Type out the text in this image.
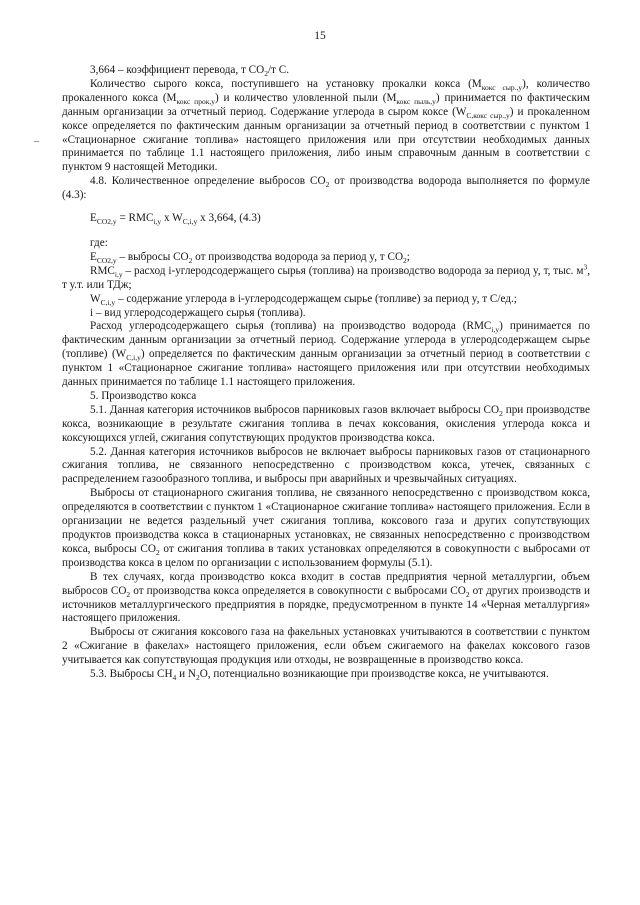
15
_

3,664 – коэффициент перевода, т $CO_2/т$ C.

Количество сырого кокса, поступившего на установку прокалки кокса $(M_{кокс сыр.,y})$, количество прокаленного кокса $(M_{кокс прок,y})$ и количество уловленной пыли $(M_{кокс пыль,y})$ принимается по фактическим данным организации за отчетный период. Содержание углерода в сыром коксе $(W_{C,кокс сыр.,y})$ и прокаленном коксе определяется по фактическим данным организации за отчетный период в соответствии с пунктом 1 «Стационарное сжигание топлива» настоящего приложения или при отсутствии необходимых данных принимается по таблице 1.1 настоящего приложения, либо иным справочным данным в соответствии с пунктом 9 настоящей Методики.

4.8. Количественное определение выбросов $CO_2$ от производства водорода выполняется по формуле (4.3):

$E_{CO2,y} = RMC_{i,y}$ x $W_{C,i,y}$ x 3,664, (4.3)

где:

$E_{CO2,y}$ – выбросы $CO_2$ от производства водорода за период y, т $CO_2$;

$RMC_{i,y}$ – расход i-углеродсодержащего сырья (топлива) на производство водорода за период y, т, тыс. $м^3$, т у.т. или ТДж;

$W_{C,i,y}$ – содержание углерода в i-углеродсодержащем сырье (топливе) за период y, т C/ед.;

i – вид углеродсодержащего сырья (топлива).

Расход углеродсодержащего сырья (топлива) на производство водорода $(RMC_{i,y})$ принимается по фактическим данным организации за отчетный период. Содержание углерода в углеродсодержащем сырье (топливе) $(W_{C,i,y})$ определяется по фактическим данным организации за отчетный период в соответствии с пунктом 1 «Стационарное сжигание топлива» настоящего приложения или при отсутствии необходимых данных принимается по таблице 1.1 настоящего приложения.

5. Производство кокса

5.1. Данная категория источников выбросов парниковых газов включает выбросы $CO_2$ при производстве кокса, возникающие в результате сжигания топлива в печах коксования, окисления углерода кокса и коксующихся углей, сжигания сопутствующих продуктов производства кокса.

5.2. Данная категория источников выбросов не включает выбросы парниковых газов от стационарного сжигания топлива, не связанного непосредственно с производством кокса, утечек, связанных с распределением газообразного топлива, и выбросы при аварийных и чрезвычайных ситуациях.

Выбросы от стационарного сжигания топлива, не связанного непосредственно с производством кокса, определяются в соответствии с пунктом 1 «Стационарное сжигание топлива» настоящего приложения. Если в организации не ведется раздельный учет сжигания топлива, коксового газа и других сопутствующих продуктов производства кокса в стационарных установках, не связанных непосредственно с производством кокса, выбросы $CO_2$ от сжигания топлива в таких установках определяются в совокупности с выбросами от производства кокса в целом по организации с использованием формулы (5.1).

В тех случаях, когда производство кокса входит в состав предприятия черной металлургии, объем выбросов $CO_2$ от производства кокса определяется в совокупности с выбросами $CO_2$ от других производств и источников металлургического предприятия в порядке, предусмотренном в пункте 14 «Черная металлургия» настоящего приложения.

Выбросы от сжигания коксового газа на факельных установках учитываются в соответствии с пунктом 2 «Сжигание в факелах» настоящего приложения, если объем сжигаемого на факелах коксового газов учитывается как сопутствующая продукция или отходы, не возвращенные в производство кокса.

5.3. Выбросы $CH_4$ и $N_2O$, потенциально возникающие при производстве кокса, не учитываются.
